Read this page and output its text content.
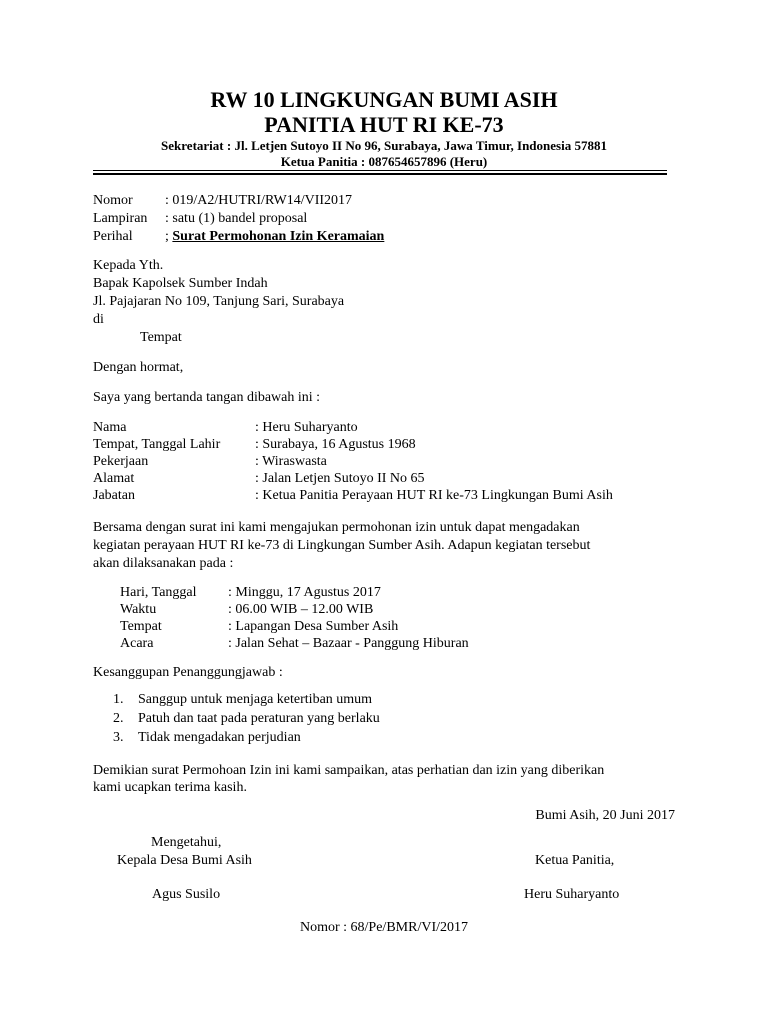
RW 10 LINGKUNGAN BUMI ASIH
PANITIA HUT RI KE-73
Sekretariat : Jl. Letjen Sutoyo II No 96, Surabaya, Jawa Timur, Indonesia 57881
Ketua Panitia : 087654657896 (Heru)
Nomor : 019/A2/HUTRI/RW14/VII2017
Lampiran : satu (1) bandel proposal
Perihal ; Surat Permohonan Izin Keramaian
Kepada Yth.
Bapak Kapolsek Sumber Indah
Jl. Pajajaran No 109, Tanjung Sari, Surabaya
di
Tempat
Dengan hormat,
Saya yang bertanda tangan dibawah ini :
Nama	: Heru Suharyanto
Tempat, Tanggal Lahir : Surabaya, 16 Agustus 1968
Pekerjaan	: Wiraswasta
Alamat	: Jalan Letjen Sutoyo II No 65
Jabatan	: Ketua Panitia Perayaan HUT RI ke-73 Lingkungan Bumi Asih
Bersama dengan surat ini kami mengajukan permohonan izin untuk dapat mengadakan
kegiatan perayaan HUT RI ke-73 di Lingkungan Sumber Asih. Adapun kegiatan tersebut
akan dilaksanakan pada :
Hari, Tanggal : Minggu, 17 Agustus 2017
Waktu	: 06.00 WIB – 12.00 WIB
Tempat	: Lapangan Desa Sumber Asih
Acara	: Jalan Sehat – Bazaar - Panggung Hiburan
Kesanggupan Penanggungjawab :
1. Sanggup untuk menjaga ketertiban umum
2. Patuh dan taat pada peraturan yang berlaku
3. Tidak mengadakan perjudian
Demikian surat Permohoan Izin ini kami sampaikan, atas perhatian dan izin yang diberikan
kami ucapkan terima kasih.
Bumi Asih, 20 Juni 2017
Mengetahui,
Kepala Desa Bumi Asih	Ketua Panitia,
Agus Susilo	Heru Suharyanto
Nomor : 68/Pe/BMR/VI/2017
